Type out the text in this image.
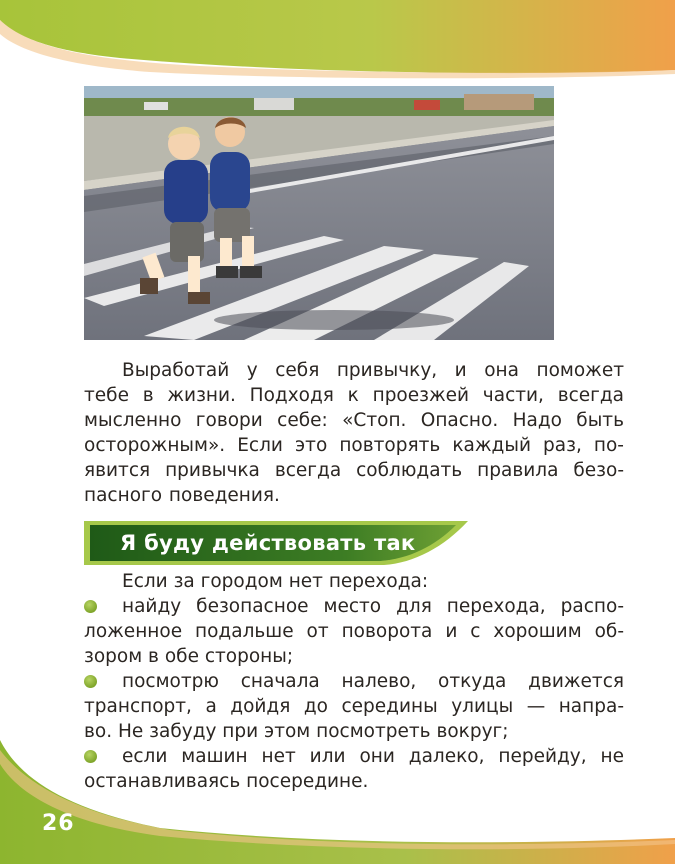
Выработай у себя привычку, и она поможет
тебе в жизни. Подходя к проезжей части, всегда
мысленно говори себе: «Стоп. Опасно. Надо быть
осторожным». Если это повторять каждый раз, по-
явится привычка всегда соблюдать правила безо-
пасного поведения.
Я буду действовать так
Если за городом нет перехода:
найду безопасное место для перехода, распо-
ложенное подальше от поворота и с хорошим об-
зором в обе стороны;
посмотрю сначала налево, откуда движется
транспорт, а дойдя до середины улицы — напра-
во. Не забуду при этом посмотреть вокруг;
если машин нет или они далеко, перейду, не
останавливаясь посередине.
26
